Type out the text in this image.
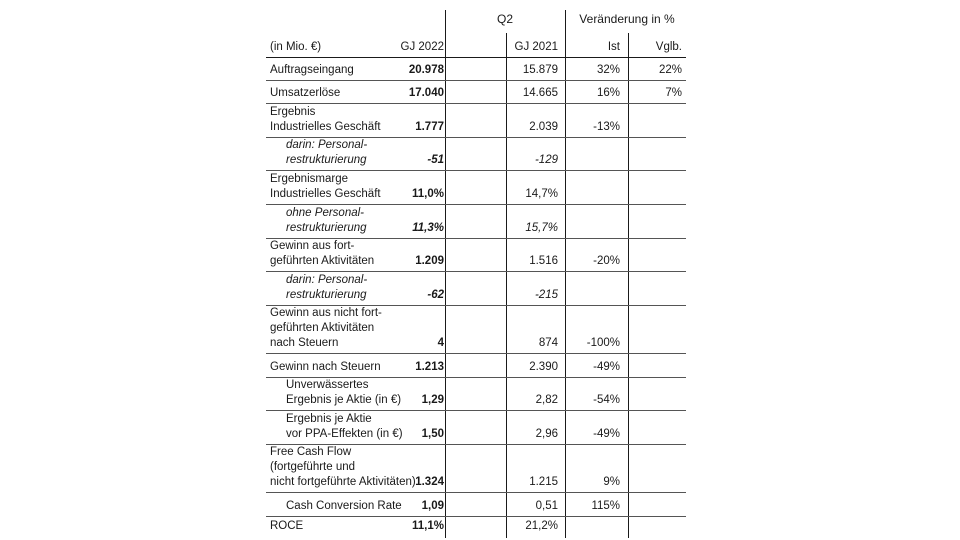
Q2	Veränderung in %
(in Mio. €)	GJ 2022	GJ 2021	Ist	Vglb.
Auftragseingang	20.978	15.879	32%	22%
Umsatzerlöse	17.040	14.665	16%	7%
Ergebnis
Industrielles Geschäft	1.777	2.039	-13%
darin: Personal-
restrukturierung	-51	-129
Ergebnismarge
Industrielles Geschäft	11,0%	14,7%
ohne Personal-
restrukturierung	11,3%	15,7%
Gewinn aus fort-
geführten Aktivitäten	1.209	1.516	-20%
darin: Personal-
restrukturierung	-62	-215
Gewinn aus nicht fort-
geführten Aktivitäten
nach Steuern	4	874	-100%
Gewinn nach Steuern	1.213	2.390	-49%
Unverwässertes
Ergebnis je Aktie (in €) 1,29	2,82	-54%
Ergebnis je Aktie
vor PPA-Effekten (in €) 1,50	2,96	-49%
Free Cash Flow
(fortgeführte und
nicht fortgeführte Aktivitäten) 1.324	1.215	9%
Cash Conversion Rate 1,09	0,51	115%
ROCE	11,1%	21,2%
